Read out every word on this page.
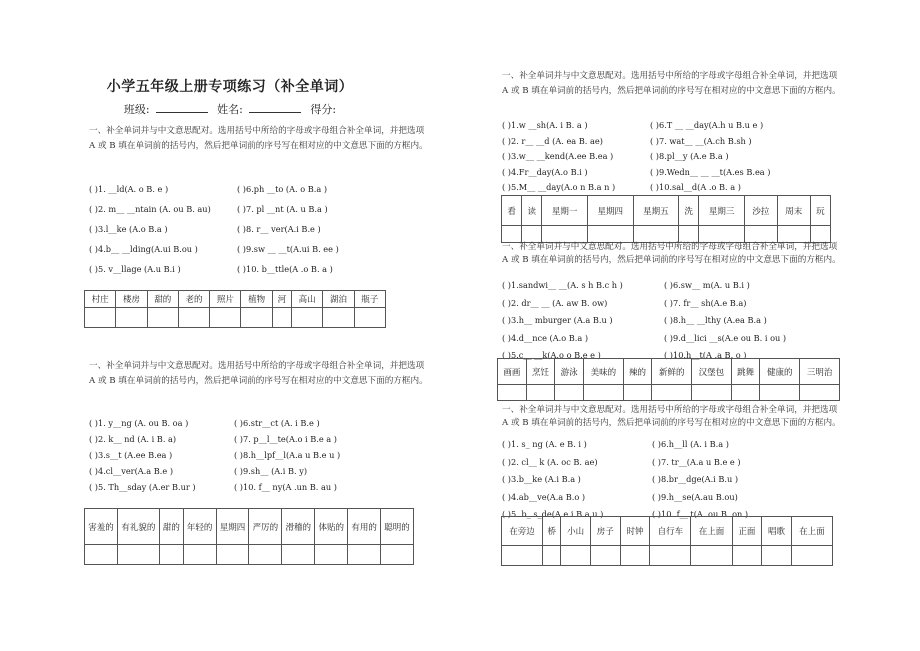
小学五年级上册专项练习（补全单词）
班级:	姓名:	得分:
一、补全单词并与中文意思配对。选用括号中所给的字母或字母组合补全单词，并把选项 A 或 B 填在单词前的括号内，然后把单词前的序号写在相对应的中文意思下面的方框内。
( )1. __ld(A. o B. e )	( )6.ph __to (A. o B.a )
( )2. m__ __ntain (A. ou B. au)	( )7. pl __nt (A. u B.a )
( )3.l__ke (A.o B.a )	( )8. r__ ver(A.i B.e )
( )4.b__ __lding(A.ui B.ou )	( )9.sw __ __t(A.ui B. ee )
( )5. v__llage (A.u B.i )	( )10. b__ttle(A .o B. a )
村庄	楼房	甜的	老的	照片	植物	河	高山	湖泊	瓶子

一、补全单词并与中文意思配对。选用括号中所给的字母或字母组合补全单词，并把选项 A 或 B 填在单词前的括号内，然后把单词前的序号写在相对应的中文意思下面的方框内。
( )1. y__ng (A. ou B. oa )	( )6.str__ct (A. i B.e )
( )2. k__ nd (A. i B. a)	( )7. p__l__te(A.o i B.e a )
( )3.s__t (A.ee B.ea )	( )8.h__lpf__l(A.a u B.e u )
( )4.cl__ver(A.a B.e )	( )9.sh__ (A.i B. y)
( )5. Th__sday (A.er B.ur )	( )10. f__ ny(A .un B. au )
害羞的	有礼貌的	甜的	年轻的	星期四	严厉的	滑稽的	体贴的	有用的	聪明的

一、补全单词并与中文意思配对。选用括号中所给的字母或字母组合补全单词，并把选项 A 或 B 填在单词前的括号内，然后把单词前的序号写在相对应的中文意思下面的方框内。
( )1.w __sh(A. i B. a )	( )6.T __ __day(A.h u B.u e )
( )2. r__ __d (A. ea B. ae)	( )7. wat__ __(A.ch B.sh )
( )3.w__ __kend(A.ee B.ea )	( )8.pl__y (A.e B.a )
( )4.Fr__day(A.o B.i )	( )9.Wedn__ __ __t(A.es B.ea )
( )5.M__ __day(A.o n B.a n )	( )10.sal__d(A .o B. a )
看	读	星期一	星期四	星期五	洗	星期三	沙拉	周末	玩

一、补全单词并与中文意思配对。选用括号中所给的字母或字母组合补全单词，并把选项 A 或 B 填在单词前的括号内，然后把单词前的序号写在相对应的中文意思下面的方框内。
( )1.sandwi__ __(A. s h B.c h )	( )6.sw__ m(A. u B.i )
( )2. dr__ __ (A. aw B. ow)	( )7. fr__ sh(A.e B.a)
( )3.h__ mburger (A.a B.u )	( )8.h__ __lthy (A.ea B.a )
( )4.d__nce (A.o B.a )	( )9.d__lici __s(A.e ou B. i ou )
( )5.c__ __k(A.o o B.e e )	( )10.h__t(A .a B. o )
画画	烹饪	游泳	美味的	辣的	新鲜的	汉堡包	跳舞	健康的	三明治

一、补全单词并与中文意思配对。选用括号中所给的字母或字母组合补全单词，并把选项 A 或 B 填在单词前的括号内，然后把单词前的序号写在相对应的中文意思下面的方框内。
( )1. s_ ng (A. e B. i )	( )6.h__ll (A. i B.a )
( )2. cl__ k (A. oc B. ae)	( )7. tr__(A.a u B.e e )
( )3.b__ke (A.i B.a )	( )8.br__dge(A.i B.u )
( )4.ab__ve(A.a B.o )	( )9.h__se(A.au B.ou)
( )5. b_ s_de(A.e i B.a u )	( )10. f__ t(A .ou B. on )
在旁边	桥	小山	房子	时钟	自行车	在上面	正面	唱歌	在上面
